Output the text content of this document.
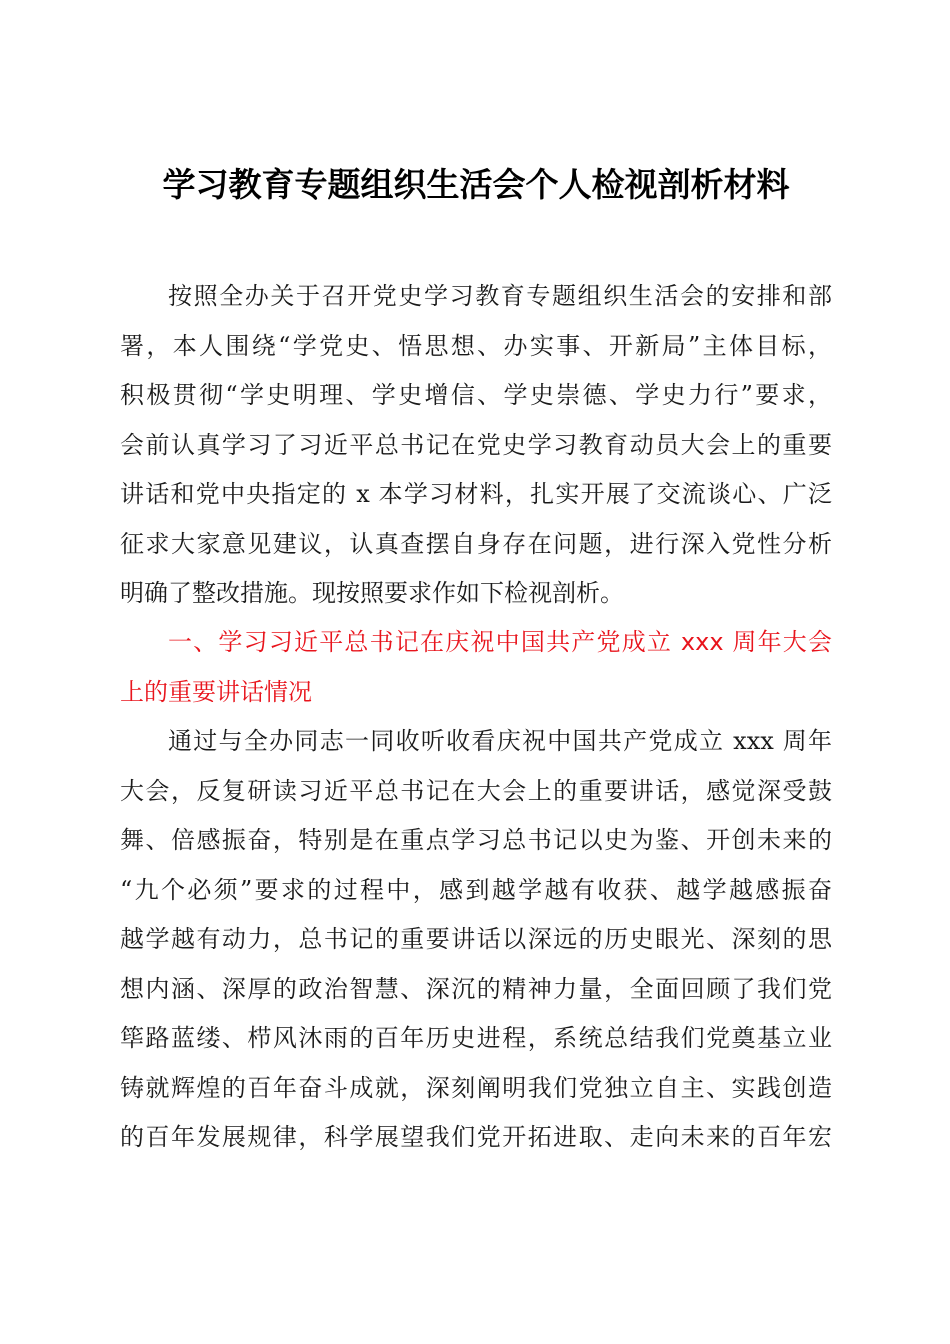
学习教育专题组织生活会个人检视剖析材料
按照全办关于召开党史学习教育专题组织生活会的安排和部
署，本人围绕“学党史、悟思想、办实事、开新局”主体目标，
积极贯彻“学史明理、学史增信、学史崇德、学史力行”要求，
会前认真学习了习近平总书记在党史学习教育动员大会上的重要
讲话和党中央指定的 x 本学习材料，扎实开展了交流谈心、广泛
征求大家意见建议，认真查摆自身存在问题，进行深入党性分析
明确了整改措施。现按照要求作如下检视剖析。
一、学习习近平总书记在庆祝中国共产党成立 xxx 周年大会
上的重要讲话情况
通过与全办同志一同收听收看庆祝中国共产党成立 xxx 周年
大会，反复研读习近平总书记在大会上的重要讲话，感觉深受鼓
舞、倍感振奋，特别是在重点学习总书记以史为鉴、开创未来的
“九个必须”要求的过程中，感到越学越有收获、越学越感振奋
越学越有动力，总书记的重要讲话以深远的历史眼光、深刻的思
想内涵、深厚的政治智慧、深沉的精神力量，全面回顾了我们党
筚路蓝缕、栉风沐雨的百年历史进程，系统总结我们党奠基立业
铸就辉煌的百年奋斗成就，深刻阐明我们党独立自主、实践创造
的百年发展规律，科学展望我们党开拓进取、走向未来的百年宏
